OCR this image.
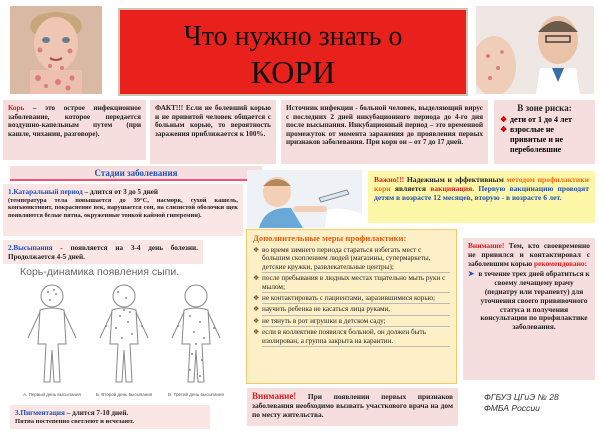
Что нужно знать о
КОРИ
Корь – это острое инфекционное заболевание, которое передается воздушно-капельным путем (при кашле, чихании, разговоре).
ФАКТ!!! Если не болевший корью и не привитой человек общается с больным корью, то вероятность заражения приближается к 100%.
Источник инфекции - больной человек, выделяющий вирус с последних 2 дней инкубационного периода до 4-го дня после высыпания. Инкубационный период – это временной промежуток от момента заражения до проявления первых признаков заболевания. При кори он – от 7 до 17 дней.
В зоне риска:
❖ дети от 1 до 4 лет
❖ взрослые не привитые и не переболевшие
Стадии заболевания
1.Катаральный период – длится от 3 до 5 дней
(температура тела повышается до 39°С, насморк, сухой кашель, конъюнктивит, покраснение век, нарушается сон, на слизистой оболочки щек появляются белые пятна, окруженные тонкой каймой гиперемии).
2.Высыпания - появляется на 3-4 день болезни. Продолжается 4-5 дней.
Корь-динамика появления сыпи.
А. Первый день высыпания	Б. Второй день высыпания	В. Третий день высыпания
3.Пигментация – длится 7-10 дней.
Пятна постепенно светлеют и исчезают.
Важно!!! Надежным и эффективным методом профилактики кори является вакцинация. Первую вакцинацию проводят детям в возрасте 12 месяцев, вторую - в возрасте 6 лет.
Дополнительные меры профилактики:
❖ во время зимнего периода стараться избегать мест с большим скоплением людей (магазины, супермаркеты, детские кружки, развлекательные центры);
❖ после пребывания в людных местах тщательно мыть руки с мылом;
❖ не контактировать с пациентами, заразившимися корью;
❖ научить ребенка не касаться лица руками,
❖ не тянуть в рот игрушки в детском саду;
❖ если в коллективе появился больной, он должен быть изолирован, а группа закрыта на карантин.
Внимание! Тем, кто своевременно не привился и контактировал с заболевшим корью рекомендовано:
➤ в течение трех дней обратиться к своему лечащему врачу (педиатру или терапевту) для уточнения своего прививочного статуса и получения консультации по профилактике заболевания.
Внимание! При появлении первых признаков заболевания необходимо вызвать участкового врача на дом по месту жительства.
ФГБУЗ ЦГиЭ № 28
ФМБА России
